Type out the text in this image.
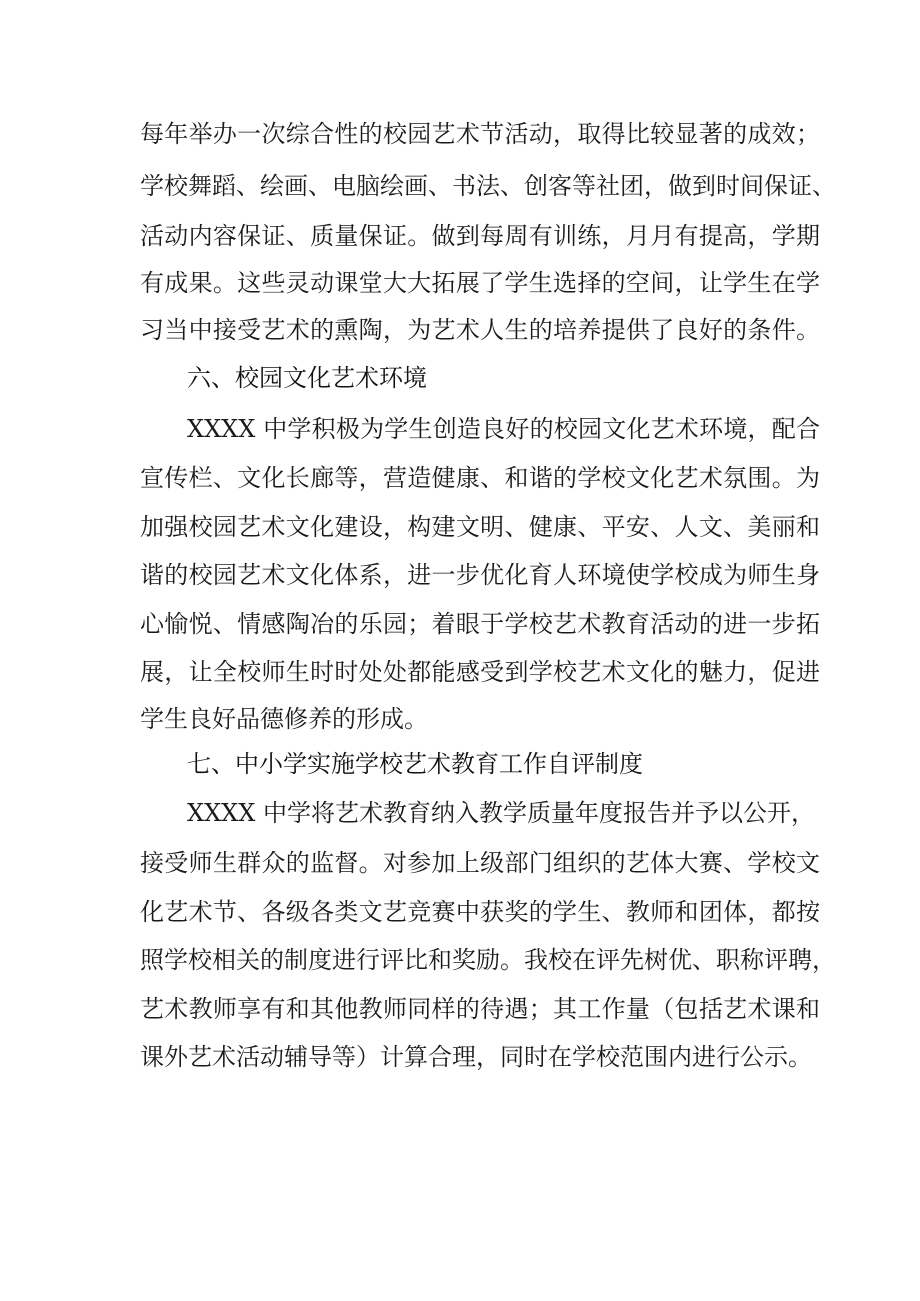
每年举办一次综合性的校园艺术节活动，取得比较显著的成效；
学校舞蹈、绘画、电脑绘画、书法、创客等社团，做到时间保证、
活动内容保证、质量保证。做到每周有训练，月月有提高，学期
有成果。这些灵动课堂大大拓展了学生选择的空间，让学生在学
习当中接受艺术的熏陶，为艺术人生的培养提供了良好的条件。
六、校园文化艺术环境
XXXX 中学积极为学生创造良好的校园文化艺术环境，配合
宣传栏、文化长廊等，营造健康、和谐的学校文化艺术氛围。为
加强校园艺术文化建设，构建文明、健康、平安、人文、美丽和
谐的校园艺术文化体系，进一步优化育人环境使学校成为师生身
心愉悦、情感陶冶的乐园；着眼于学校艺术教育活动的进一步拓
展，让全校师生时时处处都能感受到学校艺术文化的魅力，促进
学生良好品德修养的形成。
七、中小学实施学校艺术教育工作自评制度
XXXX 中学将艺术教育纳入教学质量年度报告并予以公开，
接受师生群众的监督。对参加上级部门组织的艺体大赛、学校文
化艺术节、各级各类文艺竞赛中获奖的学生、教师和团体，都按
照学校相关的制度进行评比和奖励。我校在评先树优、职称评聘，
艺术教师享有和其他教师同样的待遇；其工作量（包括艺术课和
课外艺术活动辅导等）计算合理，同时在学校范围内进行公示。
